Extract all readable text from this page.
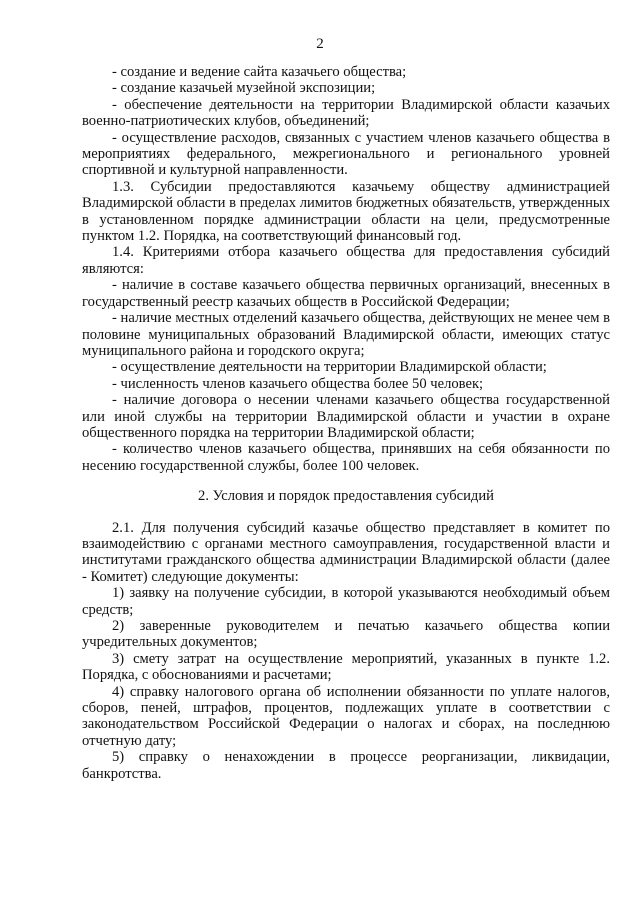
2

- создание и ведение сайта казачьего общества;

- создание казачьей музейной экспозиции;

- обеспечение деятельности на территории Владимирской области казачьих военно-патриотических клубов, объединений;

- осуществление расходов, связанных с участием членов казачьего общества в мероприятиях федерального, межрегионального и регионального уровней спортивной и культурной направленности.

1.3. Субсидии предоставляются казачьему обществу администрацией Владимирской области в пределах лимитов бюджетных обязательств, утвержденных в установленном порядке администрации области на цели, предусмотренные пунктом 1.2. Порядка, на соответствующий финансовый год.

1.4. Критериями отбора казачьего общества для предоставления субсидий являются:

- наличие в составе казачьего общества первичных организаций, внесенных в государственный реестр казачьих обществ в Российской Федерации;

- наличие местных отделений казачьего общества, действующих не менее чем в половине муниципальных образований Владимирской области, имеющих статус муниципального района и городского округа;

- осуществление деятельности на территории Владимирской области;

- численность членов казачьего общества более 50 человек;

- наличие договора о несении членами казачьего общества государственной или иной службы на территории Владимирской области и участии в охране общественного порядка на территории Владимирской области;

- количество членов казачьего общества, принявших на себя обязанности по несению государственной службы, более 100 человек.

2. Условия и порядок предоставления субсидий

2.1. Для получения субсидий казачье общество представляет в комитет по взаимодействию с органами местного самоуправления, государственной власти и институтами гражданского общества администрации Владимирской области (далее - Комитет) следующие документы:

1) заявку на получение субсидии, в которой указываются необходимый объем средств;

2) заверенные руководителем и печатью казачьего общества копии учредительных документов;

3) смету затрат на осуществление мероприятий, указанных в пункте 1.2. Порядка, с обоснованиями и расчетами;

4) справку налогового органа об исполнении обязанности по уплате налогов, сборов, пеней, штрафов, процентов, подлежащих уплате в соответствии с законодательством Российской Федерации о налогах и сборах, на последнюю отчетную дату;

5) справку о ненахождении в процессе реорганизации, ликвидации, банкротства.
